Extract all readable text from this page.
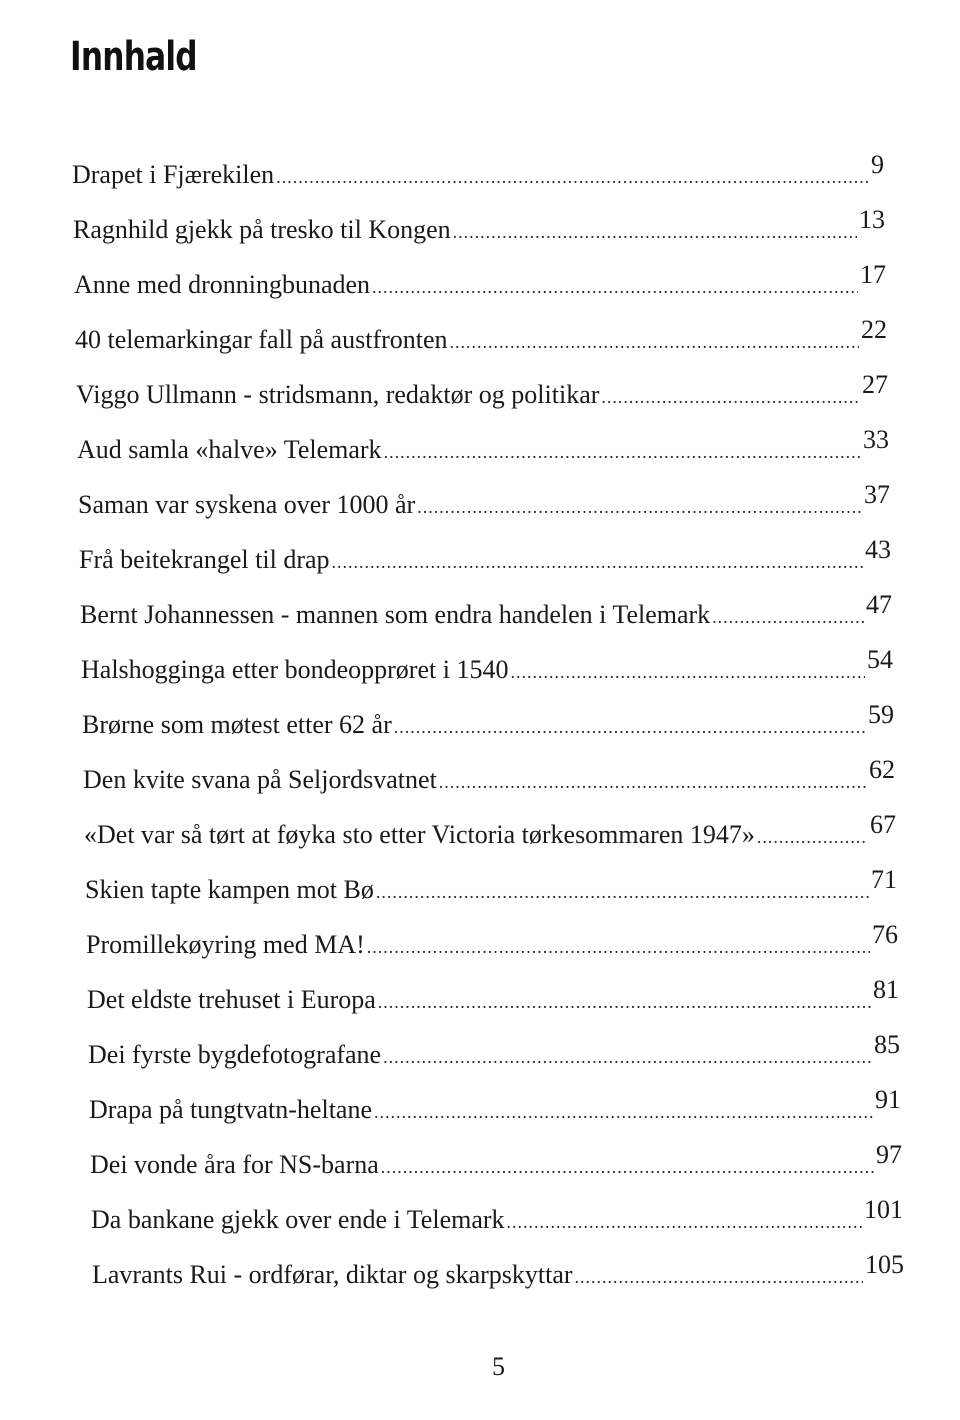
Innhald
Drapet i Fjærekilen .....	9
Ragnhild gjekk på tresko til Kongen .....	13
Anne med dronningbunaden .....	17
40 telemarkingar fall på austfronten .....	22
Viggo Ullmann - stridsmann, redaktør og politikar .....	27
Aud samla «halve» Telemark .....	33
Saman var syskena over 1000 år .....	37
Frå beitekrangel til drap .....	43
Bernt Johannessen - mannen som endra handelen i Telemark .....	47
Halshogginga etter bondeopprøret i 1540 .....	54
Brørne som møtest etter 62 år .....	59
Den kvite svana på Seljordsvatnet .....	62
«Det var så tørt at føyka sto etter Victoria tørkesommaren 1947» .....	67
Skien tapte kampen mot Bø .....	71
Promillekøyring med MA! .....	76
Det eldste trehuset i Europa .....	81
Dei fyrste bygdefotografane .....	85
Drapa på tungtvatn-heltane .....	91
Dei vonde åra for NS-barna .....	97
Da bankane gjekk over ende i Telemark .....	101
Lavrants Rui - ordførar, diktar og skarpskyttar .....	105
5
